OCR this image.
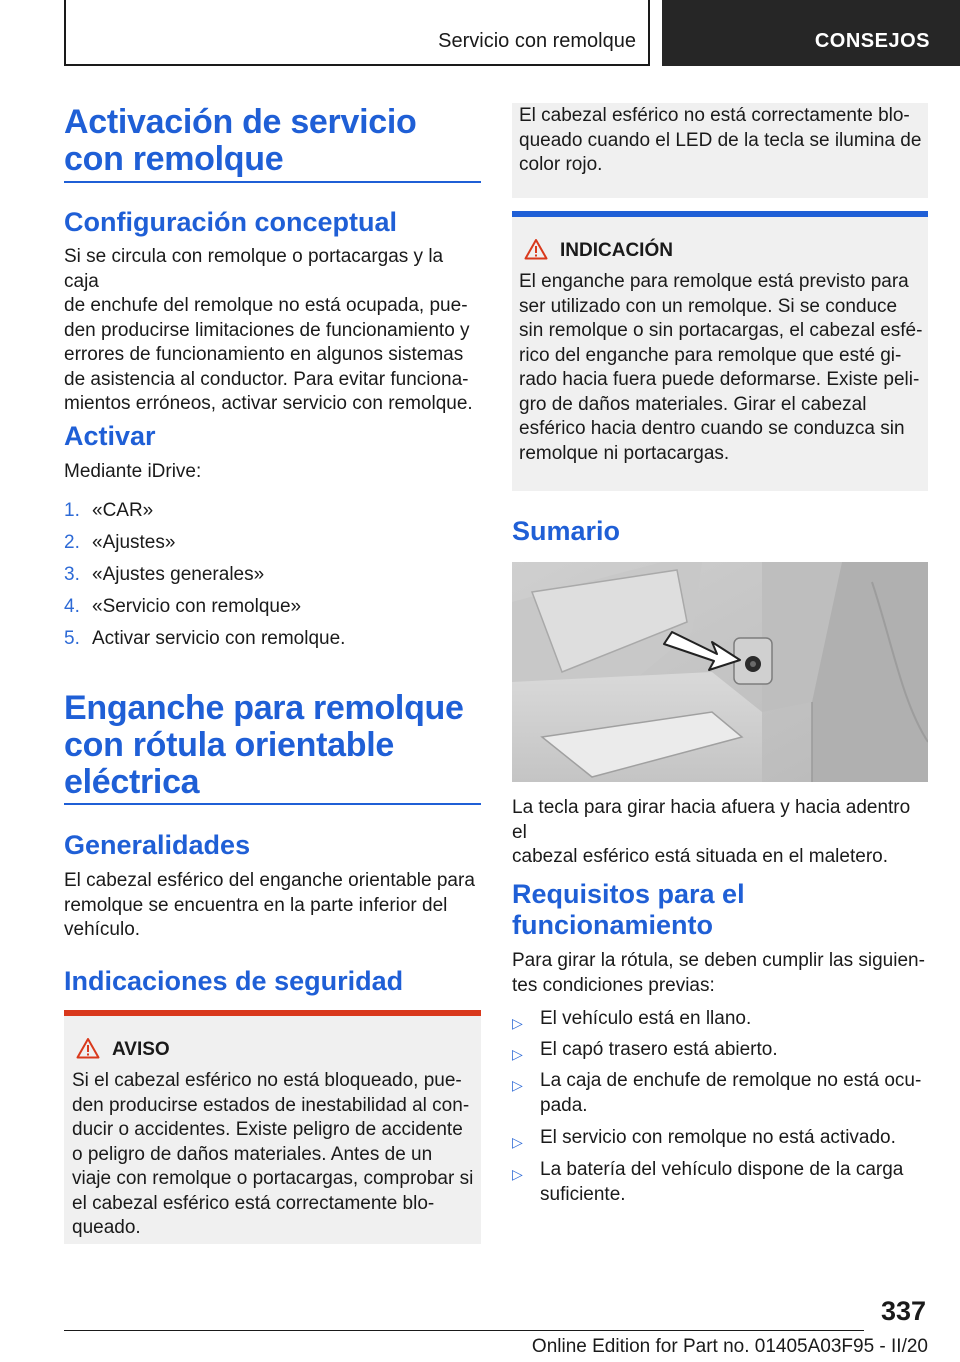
Servicio con remolque	CONSEJOS
Activación de servicio con remolque
Configuración conceptual
Si se circula con remolque o portacargas y la caja
de enchufe del remolque no está ocupada, pue-
den producirse limitaciones de funcionamiento y
errores de funcionamiento en algunos sistemas
de asistencia al conductor. Para evitar funciona-
mientos erróneos, activar servicio con remolque.
Activar
Mediante iDrive:
1. «CAR»
2. «Ajustes»
3. «Ajustes generales»
4. «Servicio con remolque»
5. Activar servicio con remolque.
Enganche para remolque
con rótula orientable
eléctrica
Generalidades
El cabezal esférico del enganche orientable para
remolque se encuentra en la parte inferior del
vehículo.
Indicaciones de seguridad
AVISO
Si el cabezal esférico no está bloqueado, pue-
den producirse estados de inestabilidad al con-
ducir o accidentes. Existe peligro de accidente
o peligro de daños materiales. Antes de un
viaje con remolque o portacargas, comprobar si
el cabezal esférico está correctamente blo-
queado.
El cabezal esférico no está correctamente blo-
queado cuando el LED de la tecla se ilumina de
color rojo.
INDICACIÓN
El enganche para remolque está previsto para
ser utilizado con un remolque. Si se conduce
sin remolque o sin portacargas, el cabezal esfé-
rico del enganche para remolque que esté gi-
rado hacia fuera puede deformarse. Existe peli-
gro de daños materiales. Girar el cabezal
esférico hacia dentro cuando se conduzca sin
remolque ni portacargas.
Sumario
La tecla para girar hacia afuera y hacia adentro el
cabezal esférico está situada en el maletero.
Requisitos para el
funcionamiento
Para girar la rótula, se deben cumplir las siguien-
tes condiciones previas:
▷ El vehículo está en llano.
▷ El capó trasero está abierto.
▷ La caja de enchufe de remolque no está ocu-
pada.
▷ El servicio con remolque no está activado.
▷ La batería del vehículo dispone de la carga
suficiente.
337
Online Edition for Part no. 01405A03F95 - II/20
